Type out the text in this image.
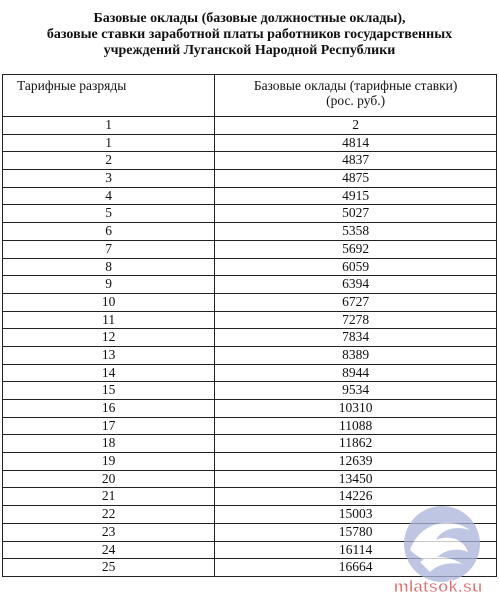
Базовые оклады (базовые должностные оклады),
базовые ставки заработной платы работников государственных
учреждений Луганской Народной Республики
Тарифные разряды	Базовые оклады (тарифные ставки)
(рос. руб.)

1	2
1	4814
2	4837
3	4875
4	4915
5	5027
6	5358
7	5692
8	6059
9	6394
10	6727
11	7278
12	7834
13	8389
14	8944
15	9534
16	10310
17	11088
18	11862
19	12639
20	13450
21	14226
22	15003
23	15780
24	16114
25	16664
mlatsok.su
